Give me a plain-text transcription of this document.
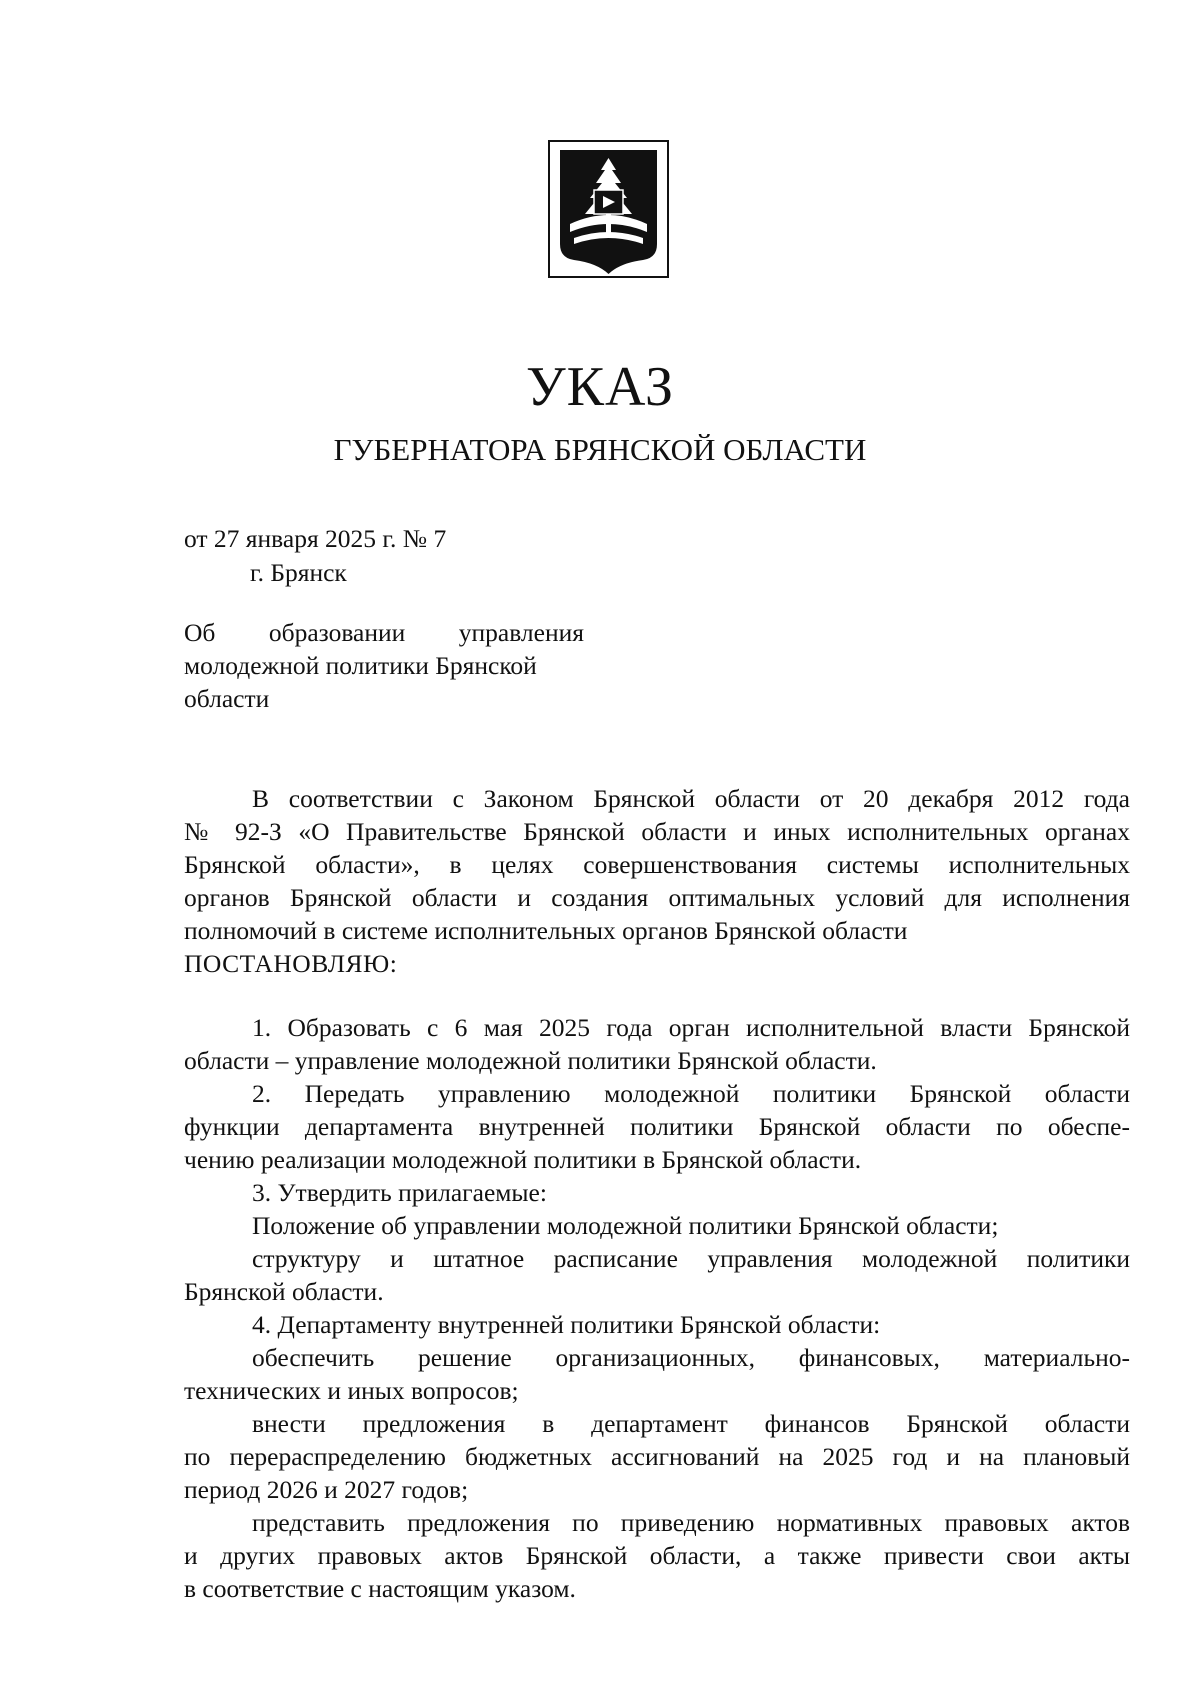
УКАЗ
ГУБЕРНАТОРА БРЯНСКОЙ ОБЛАСТИ
от 27 января 2025 г. № 7
г. Брянск
Об образовании управления
молодежной политики Брянской
области
В соответствии с Законом Брянской области от 20 декабря 2012 года
№ 92-З «О Правительстве Брянской области и иных исполнительных органах
Брянской области», в целях совершенствования системы исполнительных
органов Брянской области и создания оптимальных условий для исполнения
полномочий в системе исполнительных органов Брянской области
ПОСТАНОВЛЯЮ:
1. Образовать с 6 мая 2025 года орган исполнительной власти Брянской
области – управление молодежной политики Брянской области.
2. Передать управлению молодежной политики Брянской области
функции департамента внутренней политики Брянской области по обеспе-
чению реализации молодежной политики в Брянской области.
3. Утвердить прилагаемые:
Положение об управлении молодежной политики Брянской области;
структуру и штатное расписание управления молодежной политики
Брянской области.
4. Департаменту внутренней политики Брянской области:
обеспечить решение организационных, финансовых, материально-
технических и иных вопросов;
внести предложения в департамент финансов Брянской области
по перераспределению бюджетных ассигнований на 2025 год и на плановый
период 2026 и 2027 годов;
представить предложения по приведению нормативных правовых актов
и других правовых актов Брянской области, а также привести свои акты
в соответствие с настоящим указом.
